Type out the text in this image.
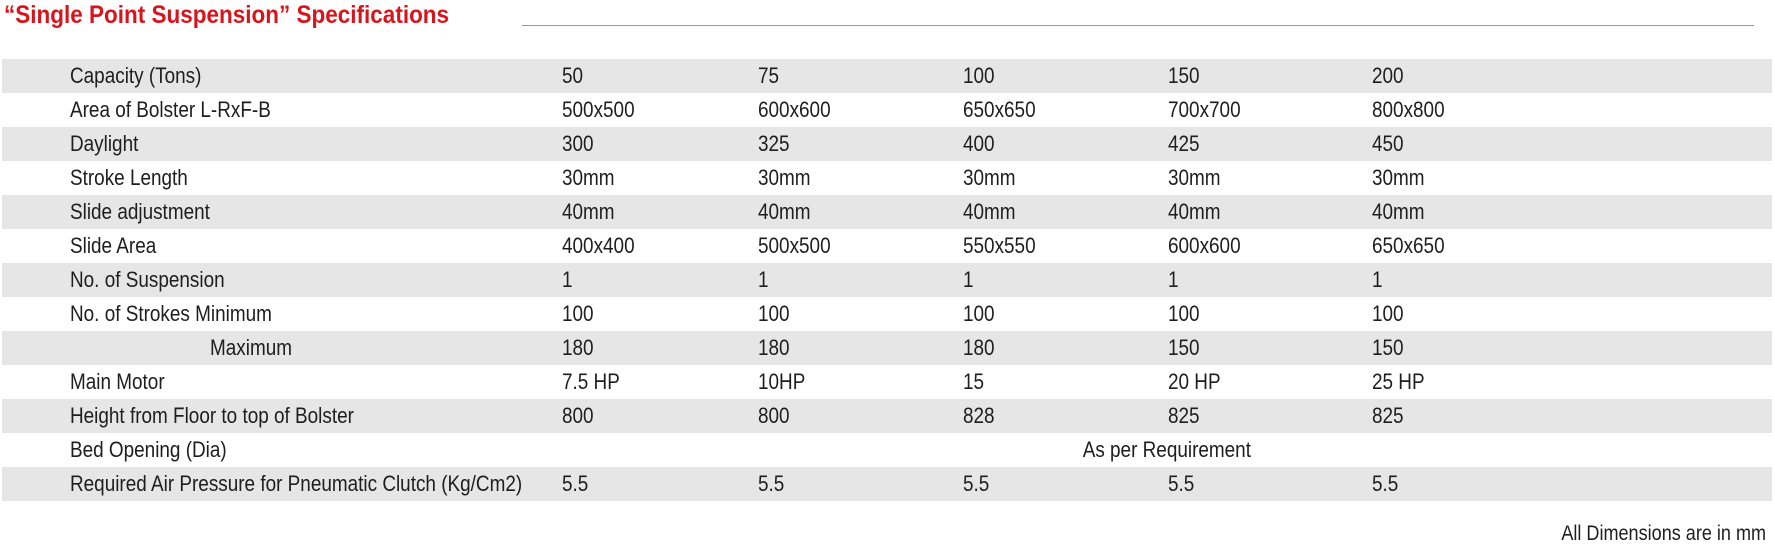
“Single Point Suspension” Specifications
Capacity (Tons)	50	75	100	150	200
Area of Bolster L-RxF-B	500x500	600x600	650x650	700x700	800x800
Daylight	300	325	400	425	450
Stroke Length	30mm	30mm	30mm	30mm	30mm
Slide adjustment	40mm	40mm	40mm	40mm	40mm
Slide Area	400x400	500x500	550x550	600x600	650x650
No. of Suspension	1	1	1	1	1
No. of Strokes Minimum	100	100	100	100	100
Maximum	180	180	180	150	150
Main Motor	7.5 HP	10HP	15	20 HP	25 HP
Height from Floor to top of Bolster	800	800	828	825	825
Bed Opening (Dia)	As per Requirement				
Required Air Pressure for Pneumatic Clutch (Kg/Cm2)	5.5	5.5	5.5	5.5	5.5
All Dimensions are in mm
